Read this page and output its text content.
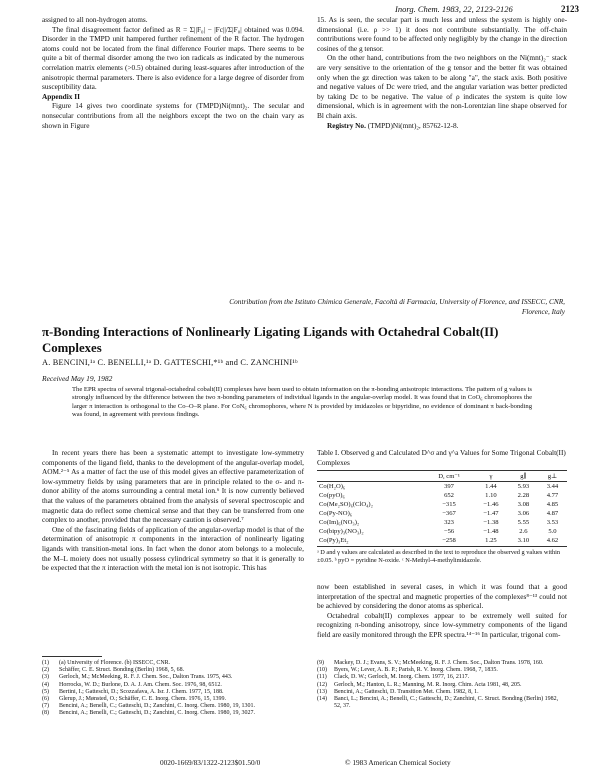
Inorg. Chem. 1983, 22, 2123-2126	2123

assigned to all non-hydrogen atoms.

The final disagreement factor defined as R = Σ||F₀| − |Fc||/Σ|F₀| obtained was 0.094. Disorder in the TMPD unit hampered further refinement of the R factor. The hydrogen atoms could not be located from the final difference Fourier maps. There seems to be quite a bit of thermal disorder among the two ion radicals as indicated by the numerous correlation matrix elements (>0.5) obtained during least-squares after introduction of the anisotropic thermal parameters. There is also evidence for a large degree of disorder from susceptibility data.

Appendix II

Figure 14 gives two coordinate systems for (TMPD)Ni(mnt)₂. The secular and nonsecular contributions from all the neighbors except the two on the chain vary as shown in Figure

15. As is seen, the secular part is much less and unless the system is highly one-dimensional (i.e. ρ >> 1) it does not contribute substantially. The off-chain contributions were found to be affected only negligibly by the change in the direction cosines of the g tensor.

On the other hand, contributions from the two neighbors on the Ni(mnt)₂⁻ stack are very sensitive to the orientation of the g tensor and the better fit was obtained only when the gz direction was taken to be along "a", the stack axis. Both positive and negative values of Dc were tried, and the angular variation was better predicted by taking Dc to be negative. The value of ρ indicates the system is quite low dimensional, which is in agreement with the non-Lorentzian line shape observed for Bl chain axis.

Registry No. (TMPD)Ni(mnt)₂, 85762-12-8.

Contribution from the Istituto Chimica Generale, Facoltà di Farmacia, University of Florence, and ISSECC, CNR, Florence, Italy
π-Bonding Interactions of Nonlinearly Ligating Ligands with Octahedral Cobalt(II) Complexes
A. BENCINI,¹ᵃ C. BENELLI,¹ᵃ D. GATTESCHI,*¹ᵇ and C. ZANCHINI¹ᵇ
Received May 19, 1982
The EPR spectra of several trigonal-octahedral cobalt(II) complexes have been used to obtain information on the π-bonding anisotropic interactions. The pattern of g values is strongly influenced by the difference between the two π-bonding parameters of individual ligands in the angular-overlap model. It was found that in CoO₆ chromophores the larger π interaction is orthogonal to the Co–O–R plane. For CoN₆ chromophores, where N is provided by imidazoles or bipyridine, no evidence of dominant π back-bonding was found, in agreement with previous findings.

In recent years there has been a systematic attempt to investigate low-symmetry components of the ligand field, thanks to the development of the angular-overlap model, AOM.²⁻⁵ As a matter of fact the use of this model gives an effective parameterization of low-symmetry fields by using parameters that are in principle related to the σ- and π-donor ability of the atoms surrounding a central metal ion.⁶ It is now currently believed that the values of the parameters obtained from the analysis of several spectroscopic and magnetic data do reflect some chemical sense and that they can be transferred from one complex to another, provided that the necessary caution is observed.⁷

One of the fascinating fields of application of the angular-overlap model is that of the determination of anisotropic π components in the interaction of nonlinearly ligating ligands with transition-metal ions. In fact when the donor atom belongs to a molecule, the M–L moiety does not usually possess cylindrical symmetry so that it is generally to be expected that the π interaction with the metal ion is not isotropic. This has

Table I. Observed g and Calculated D^σ and γ^a Values for Some Trigonal Cobalt(II) Complexes
	D, cm⁻¹	γ	g∥	g⊥
Co(H₂O)₆	397	1.44	5.93	3.44
Co(pyO)₆	652	1.10	2.28	4.77
Co(Me₂SO)₆(ClO₄)₂	−315	−1.46	3.08	4.85
Co(Py-NO)₆	−367	−1.47	3.06	4.87
Co(Im)₆(NO₃)₂	323	−1.38	5.55	3.53
Co(bipy)₃(NO₃)₂	−56	−1.48	2.6	5.0
Co(Py)₃Et₂	−258	1.25	3.10	4.62
ᵃ D and γ values are calculated as described in the text to reproduce the observed g values within ±0.05. ᵇ pyO = pyridine N-oxide. ᶜ N-Methyl-4-methylimidazole.

now been established in several cases, in which it was found that a good interpretation of the spectral and magnetic properties of the complexes⁸⁻¹³ could not be achieved by considering the donor atoms as spherical.

Octahedral cobalt(II) complexes appear to be extremely well suited for recognizing π-bonding anisotropy, since low-symmetry components of the ligand field are easily monitored through the EPR spectra.¹⁴⁻¹⁶ In particular, trigonal com-

(1)	(a) University of Florence. (b) ISSECC, CNR.
(2)	Schäffer, C. E. Struct. Bonding (Berlin) 1968, 5, 68.
(3)	Gerloch, M.; McMeeking, R. F. J. Chem. Soc., Dalton Trans. 1975, 443.
(4)	Horrocks, W. D.; Burlone, D. A. J. Am. Chem. Soc. 1976, 98, 6512.
(5)	Bertini, I.; Gatteschi, D.; Scozzafava, A. Isr. J. Chem. 1977, 15, 188.
(6)	Glerup, J.; Mønsted, O.; Schäffer, C. E. Inorg. Chem. 1976, 15, 1399.
(7)	Bencini, A.; Benelli, C.; Gatteschi, D.; Zanchini, C. Inorg. Chem. 1980, 19, 1301.
(8)	Bencini, A.; Benelli, C.; Gatteschi, D.; Zanchini, C. Inorg. Chem. 1980, 19, 3027.
(9)	Mackey, D. J.; Evans, S. V.; McMeeking, R. F. J. Chem. Soc., Dalton Trans. 1978, 160.
(10)	Byers, W.; Lever, A. B. P.; Parish, R. V. Inorg. Chem. 1968, 7, 1835.
(11)	Clack, D. W.; Gerloch, M. Inorg. Chem. 1977, 16, 2117.
(12)	Gerloch, M.; Hanton, L. R.; Manning, M. R. Inorg. Chim. Acta 1981, 48, 205.
(13)	Bencini, A.; Gatteschi, D. Transition Met. Chem. 1982, 8, 1.
(14)	Banci, L.; Bencini, A.; Benelli, C.; Gatteschi, D.; Zanchini, C. Struct. Bonding (Berlin) 1982, 52, 37.
0020-1669/83/1322-2123$01.50/0	© 1983 American Chemical Society
